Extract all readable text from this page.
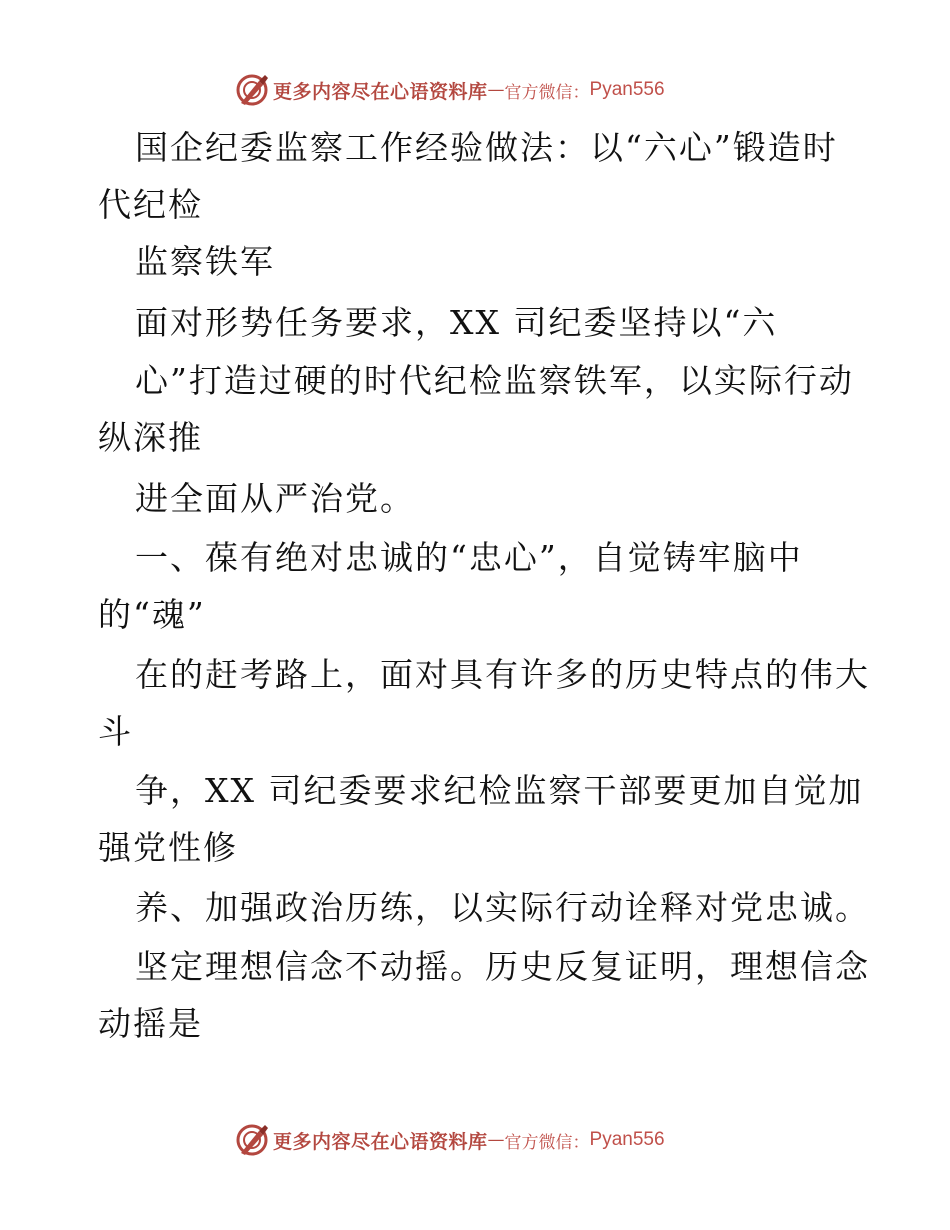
更多内容尽在心语资料库 — 官方微信： Pyan556
国企纪委监察工作经验做法：以“六心”锻造时
代纪检
监察铁军
面对形势任务要求，XX 司纪委坚持以“六
心”打造过硬的时代纪检监察铁军，以实际行动
纵深推
进全面从严治党。
一、葆有绝对忠诚的“忠心”，自觉铸牢脑中
的“魂”
在的赶考路上，面对具有许多的历史特点的伟大
斗
争，XX 司纪委要求纪检监察干部要更加自觉加
强党性修
养、加强政治历练，以实际行动诠释对党忠诚。
坚定理想信念不动摇。历史反复证明，理想信念
动摇是
更多内容尽在心语资料库 — 官方微信： Pyan556
